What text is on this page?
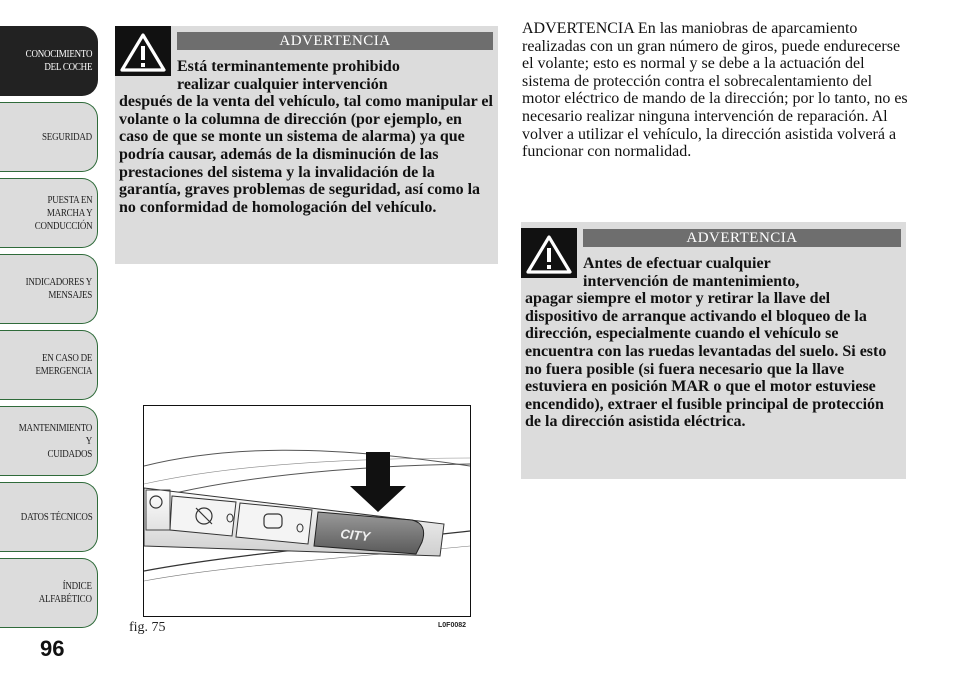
CONOCIMIENTO
DEL COCHE
SEGURIDAD
PUESTA EN
MARCHA Y
CONDUCCIÓN
INDICADORES Y
MENSAJES
EN CASO DE
EMERGENCIA
MANTENIMIENTO Y
CUIDADOS
DATOS TÉCNICOS
ÍNDICE
ALFABÉTICO
96
ADVERTENCIA
Está terminantemente prohibido
realizar cualquier intervención
después de la venta del vehículo, tal como manipular el volante o la columna de dirección (por ejemplo, en caso de que se monte un sistema de alarma) ya que podría causar, además de la disminución de las prestaciones del sistema y la invalidación de la garantía, graves problemas de seguridad, así como la no conformidad de homologación del vehículo.

ADVERTENCIA En las maniobras de aparcamiento realizadas con un gran número de giros, puede endurecerse el volante; esto es normal y se debe a la actuación del sistema de protección contra el sobrecalentamiento del motor eléctrico de mando de la dirección; por lo tanto, no es necesario realizar ninguna intervención de reparación. Al volver a utilizar el vehículo, la dirección asistida volverá a funcionar con normalidad.

ADVERTENCIA
Antes de efectuar cualquier
intervención de mantenimiento,
apagar siempre el motor y retirar la llave del dispositivo de arranque activando el bloqueo de la dirección, especialmente cuando el vehículo se encuentra con las ruedas levantadas del suelo. Si esto no fuera posible (si fuera necesario que la llave estuviera en posición MAR o que el motor estuviese encendido), extraer el fusible principal de protección de la dirección asistida eléctrica.
CITY
fig. 75	L0F0082
